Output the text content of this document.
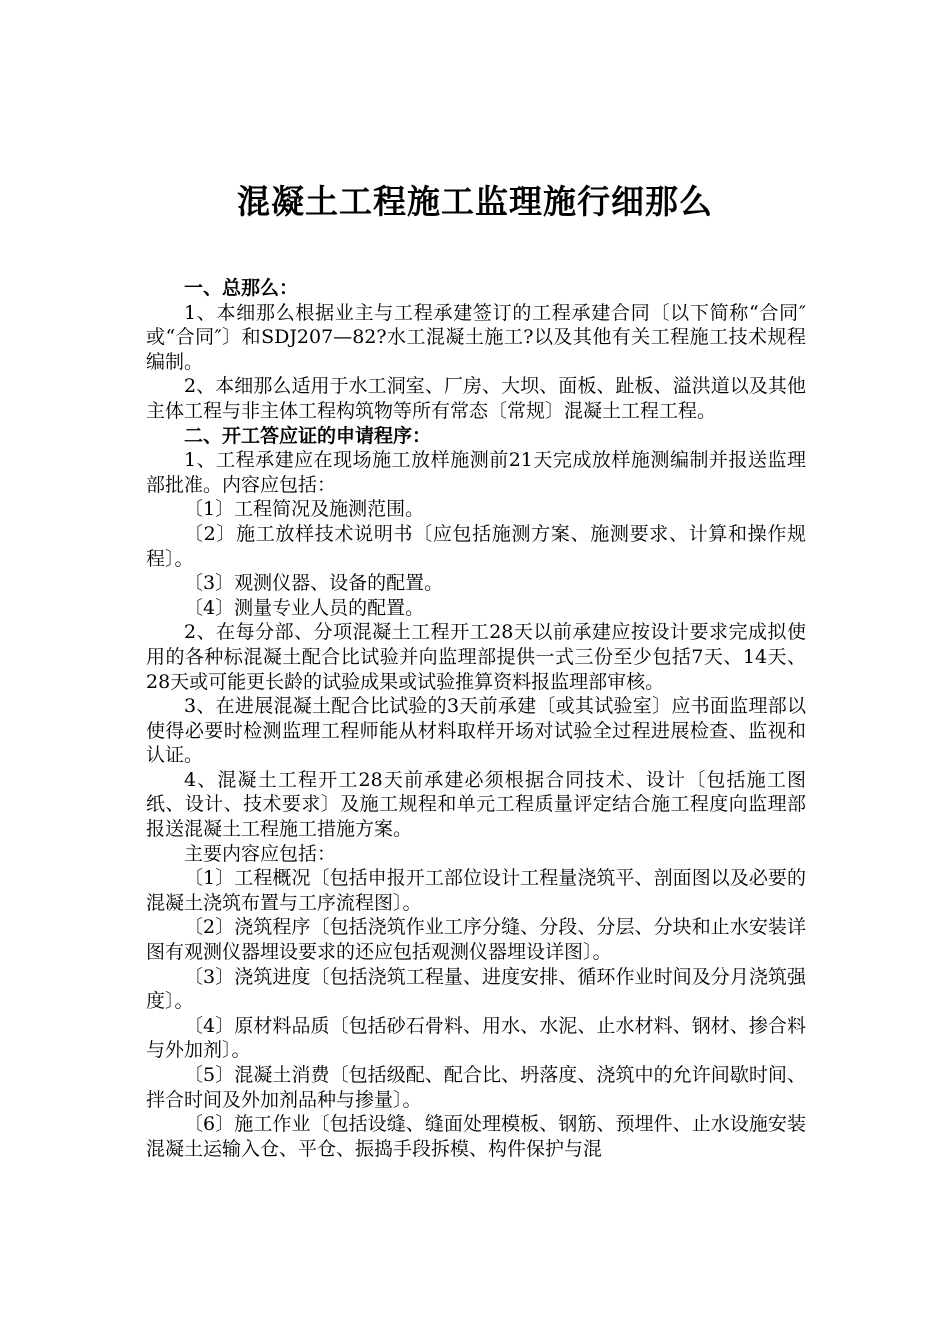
混凝土工程施工监理施行细那么

一、总那么：

1、本细那么根据业主与工程承建签订的工程承建合同〔以下简称“合同″或“合同″〕和SDJ207—82?水工混凝土施工?以及其他有关工程施工技术规程编制。

2、本细那么适用于水工洞室、厂房、大坝、面板、趾板、溢洪道以及其他主体工程与非主体工程构筑物等所有常态〔常规〕混凝土工程工程。

二、开工答应证的申请程序：

1、工程承建应在现场施工放样施测前21天完成放样施测编制并报送监理部批准。内容应包括：

〔1〕工程简况及施测范围。

〔2〕施工放样技术说明书〔应包括施测方案、施测要求、计算和操作规程〕。

〔3〕观测仪器、设备的配置。

〔4〕测量专业人员的配置。

2、在每分部、分项混凝土工程开工28天以前承建应按设计要求完成拟使用的各种标混凝土配合比试验并向监理部提供一式三份至少包括7天、14天、28天或可能更长龄的试验成果或试验推算资料报监理部审核。

3、在进展混凝土配合比试验的3天前承建〔或其试验室〕应书面监理部以使得必要时检测监理工程师能从材料取样开场对试验全过程进展检查、监视和认证。

4、混凝土工程开工28天前承建必须根据合同技术、设计〔包括施工图纸、设计、技术要求〕及施工规程和单元工程质量评定结合施工程度向监理部报送混凝土工程施工措施方案。

主要内容应包括：

〔1〕工程概况〔包括申报开工部位设计工程量浇筑平、剖面图以及必要的混凝土浇筑布置与工序流程图〕。

〔2〕浇筑程序〔包括浇筑作业工序分缝、分段、分层、分块和止水安装详图有观测仪器埋设要求的还应包括观测仪器埋设详图〕。

〔3〕浇筑进度〔包括浇筑工程量、进度安排、循环作业时间及分月浇筑强度〕。

〔4〕原材料品质〔包括砂石骨料、用水、水泥、止水材料、钢材、掺合料与外加剂〕。

〔5〕混凝土消费〔包括级配、配合比、坍落度、浇筑中的允许间歇时间、拌合时间及外加剂品种与掺量〕。

〔6〕施工作业〔包括设缝、缝面处理模板、钢筋、预埋件、止水设施安装混凝土运输入仓、平仓、振捣手段拆模、构件保护与混
